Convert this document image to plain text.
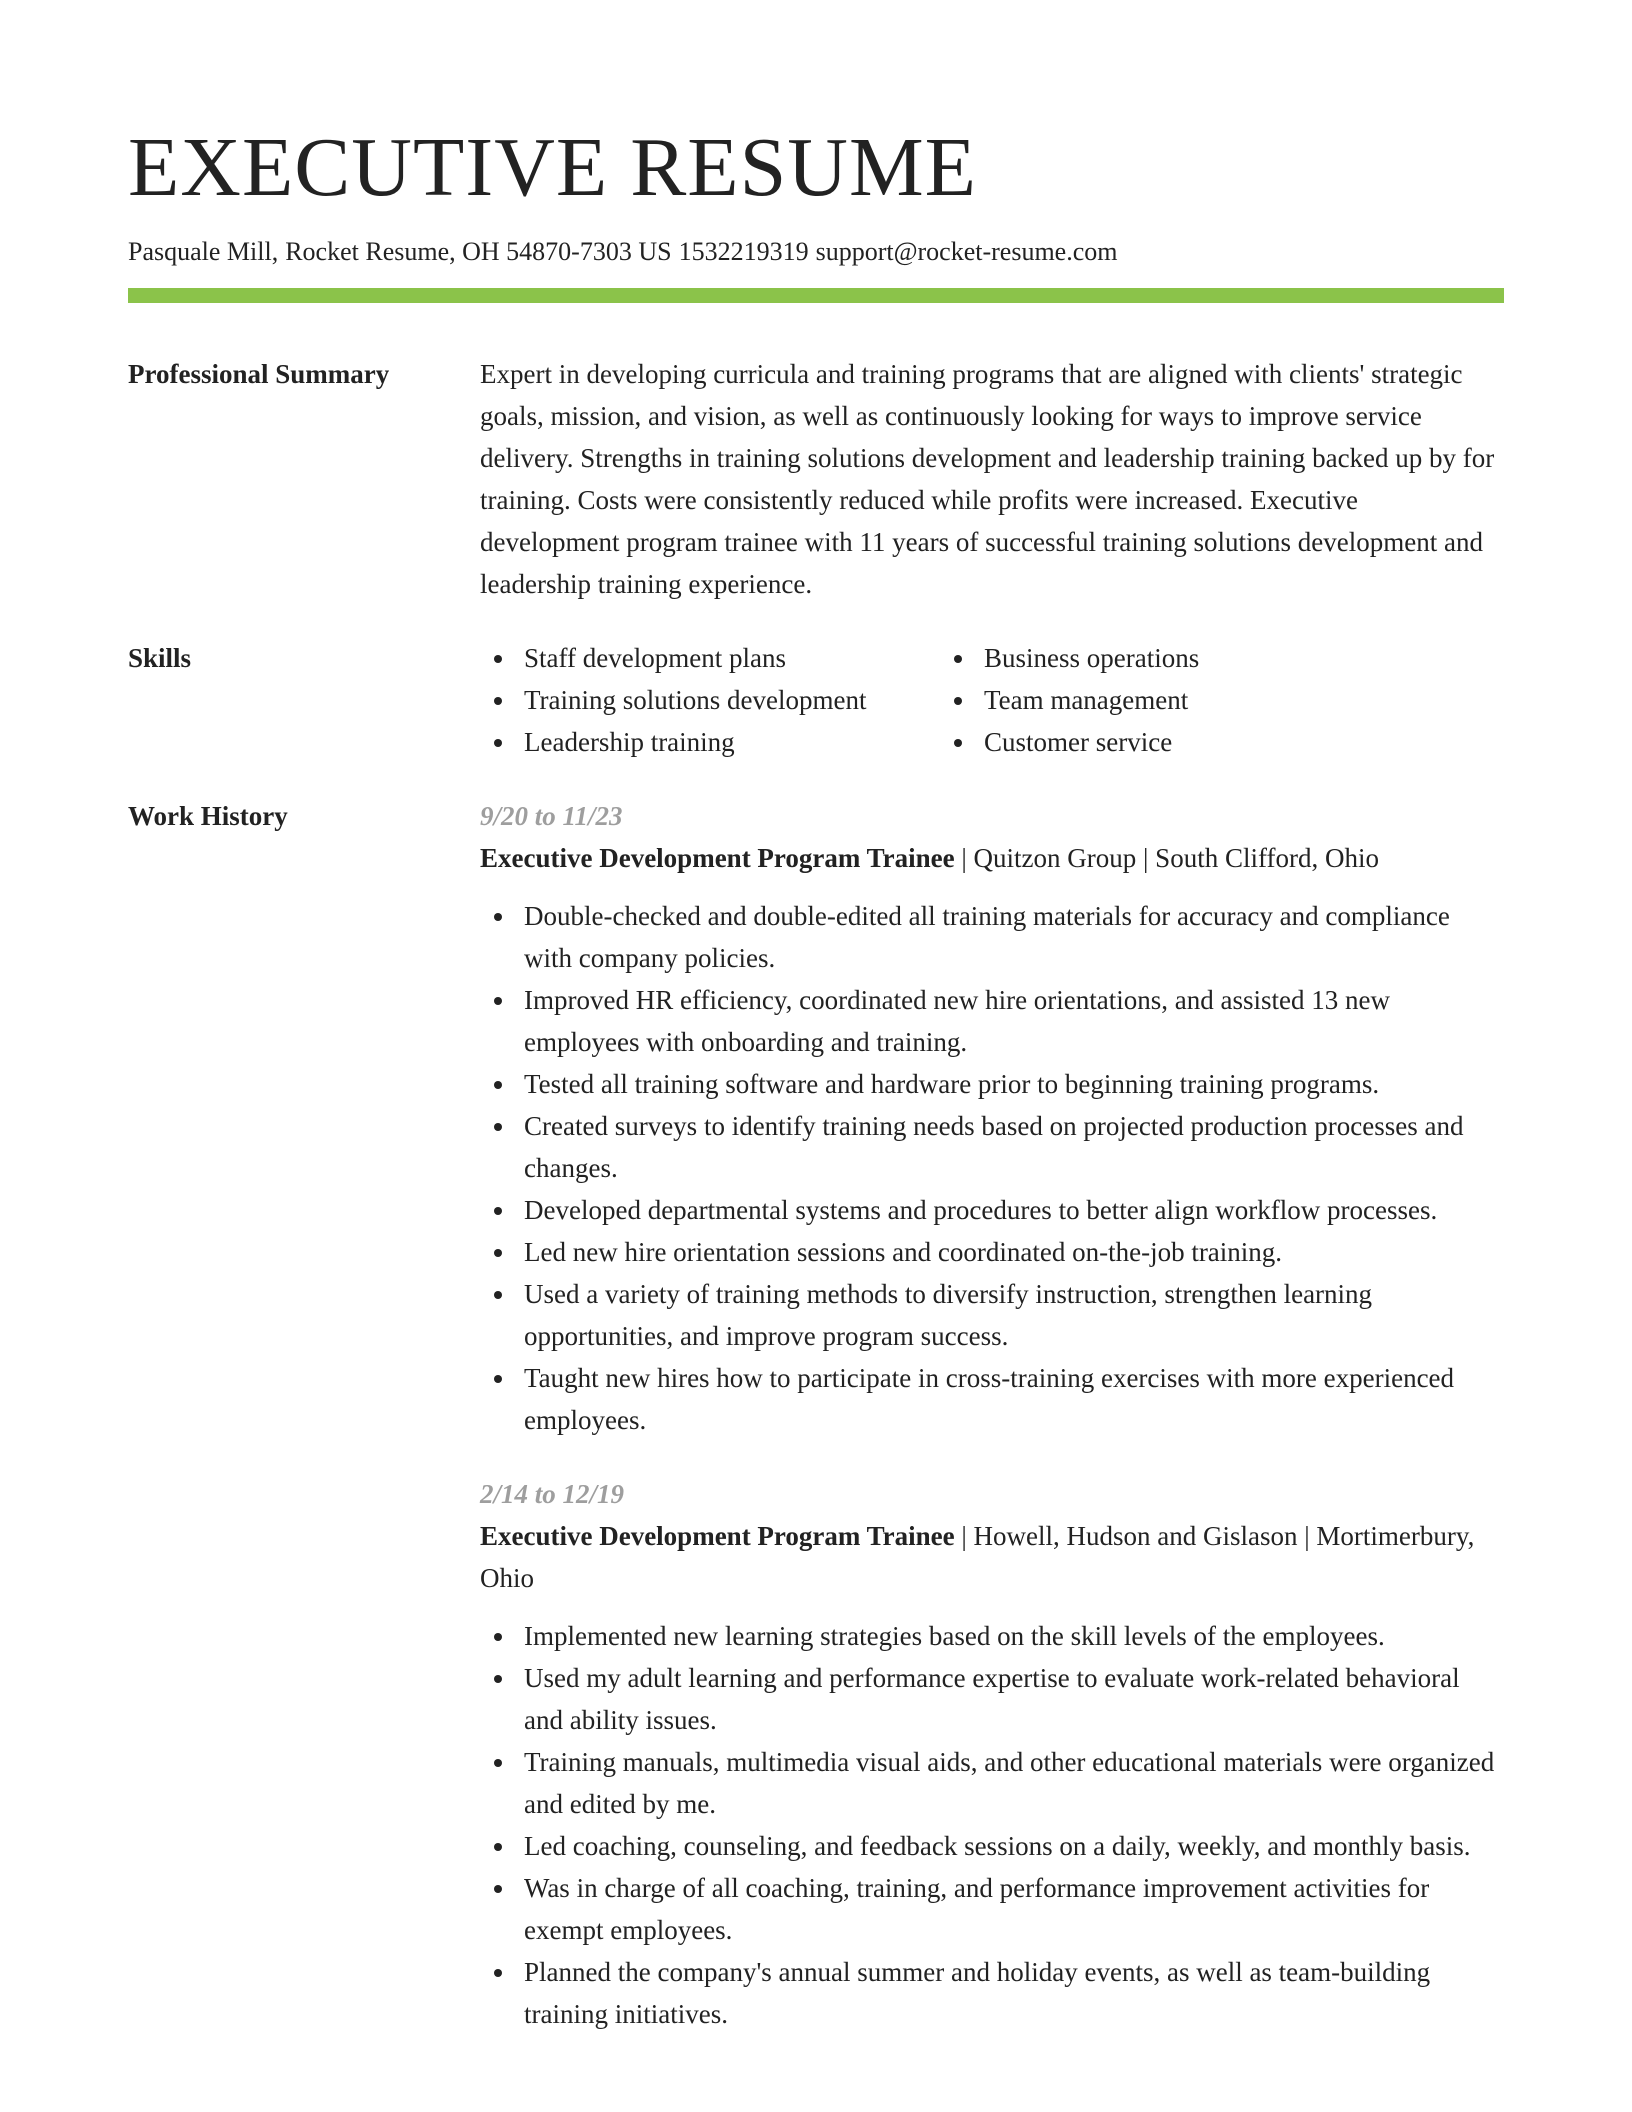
EXECUTIVE RESUME
Pasquale Mill, Rocket Resume, OH 54870-7303 US 1532219319 support@rocket-resume.com
Professional Summary	Expert in developing curricula and training programs that are aligned with clients' strategic goals, mission, and vision, as well as continuously looking for ways to improve service delivery. Strengths in training solutions development and leadership training backed up by for training. Costs were consistently reduced while profits were increased. Executive development program trainee with 11 years of successful training solutions development and leadership training experience.

Skills	Staff development plans
Training solutions development
Leadership training
Business operations
Team management
Customer service
Work History	9/20 to 11/23
Executive Development Program Trainee | Quitzon Group | South Clifford, Ohio
Double-checked and double-edited all training materials for accuracy and compliance with company policies.
Improved HR efficiency, coordinated new hire orientations, and assisted 13 new employees with onboarding and training.
Tested all training software and hardware prior to beginning training programs.
Created surveys to identify training needs based on projected production processes and changes.
Developed departmental systems and procedures to better align workflow processes.
Led new hire orientation sessions and coordinated on-the-job training.
Used a variety of training methods to diversify instruction, strengthen learning opportunities, and improve program success.
Taught new hires how to participate in cross-training exercises with more experienced employees.
2/14 to 12/19
Executive Development Program Trainee | Howell, Hudson and Gislason | Mortimerbury, Ohio
Implemented new learning strategies based on the skill levels of the employees.
Used my adult learning and performance expertise to evaluate work-related behavioral and ability issues.
Training manuals, multimedia visual aids, and other educational materials were organized and edited by me.
Led coaching, counseling, and feedback sessions on a daily, weekly, and monthly basis.
Was in charge of all coaching, training, and performance improvement activities for exempt employees.
Planned the company's annual summer and holiday events, as well as team-building training initiatives.
